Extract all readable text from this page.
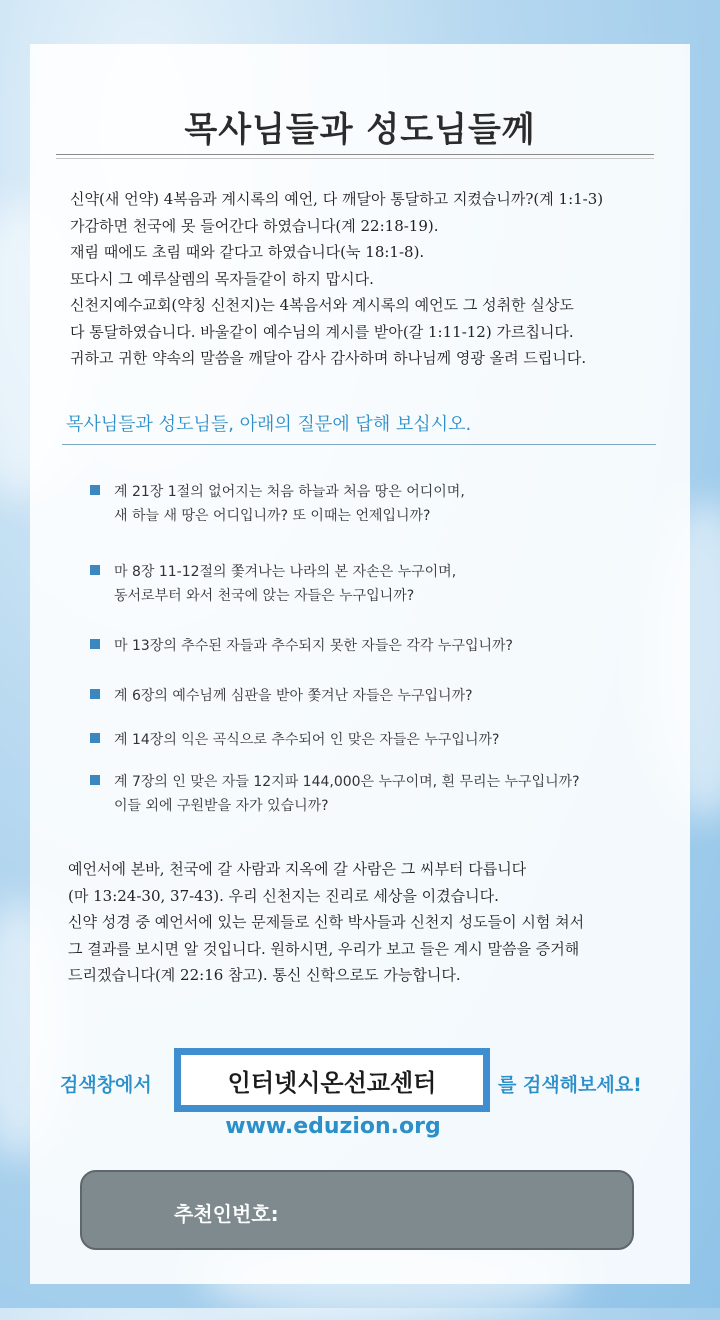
목사님들과 성도님들께

신약(새 언약) 4복음과 계시록의 예언, 다 깨달아 통달하고 지켰습니까?(계 1:1-3)

가감하면 천국에 못 들어간다 하였습니다(계 22:18-19).

재림 때에도 초림 때와 같다고 하였습니다(눅 18:1-8).

또다시 그 예루살렘의 목자들같이 하지 맙시다.

신천지예수교회(약칭 신천지)는 4복음서와 계시록의 예언도 그 성취한 실상도

다 통달하였습니다. 바울같이 예수님의 계시를 받아(갈 1:11-12) 가르칩니다.

귀하고 귀한 약속의 말씀을 깨달아 감사 감사하며 하나님께 영광 올려 드립니다.

목사님들과 성도님들, 아래의 질문에 답해 보십시오.
계 21장 1절의 없어지는 처음 하늘과 처음 땅은 어디이며,
새 하늘 새 땅은 어디입니까? 또 이때는 언제입니까?
마 8장 11-12절의 쫓겨나는 나라의 본 자손은 누구이며,
동서로부터 와서 천국에 앉는 자들은 누구입니까?
마 13장의 추수된 자들과 추수되지 못한 자들은 각각 누구입니까?
계 6장의 예수님께 심판을 받아 쫓겨난 자들은 누구입니까?
계 14장의 익은 곡식으로 추수되어 인 맞은 자들은 누구입니까?
계 7장의 인 맞은 자들 12지파 144,000은 누구이며, 흰 무리는 누구입니까?
이들 외에 구원받을 자가 있습니까?

예언서에 본바, 천국에 갈 사람과 지옥에 갈 사람은 그 씨부터 다릅니다

(마 13:24-30, 37-43). 우리 신천지는 진리로 세상을 이겼습니다.

신약 성경 중 예언서에 있는 문제들로 신학 박사들과 신천지 성도들이 시험 쳐서

그 결과를 보시면 알 것입니다. 원하시면, 우리가 보고 들은 계시 말씀을 증거해

드리겠습니다(계 22:16 참고). 통신 신학으로도 가능합니다.

검색창에서	인터넷시온선교센터	를 검색해보세요!
www.eduzion.org
추천인번호:
